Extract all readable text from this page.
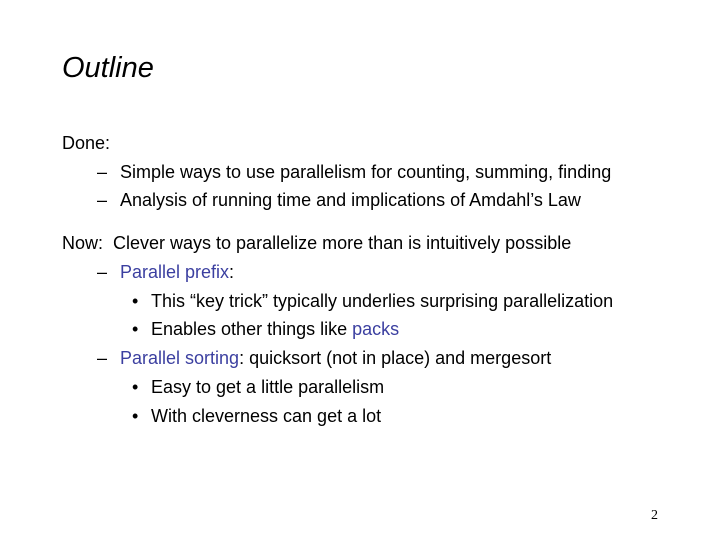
Outline
Done:
– Simple ways to use parallelism for counting, summing, finding
– Analysis of running time and implications of Amdahl’s Law
Now:  Clever ways to parallelize more than is intuitively possible
– Parallel prefix:
• This “key trick” typically underlies surprising parallelization
• Enables other things like packs
– Parallel sorting: quicksort (not in place) and mergesort
• Easy to get a little parallelism
• With cleverness can get a lot
2
